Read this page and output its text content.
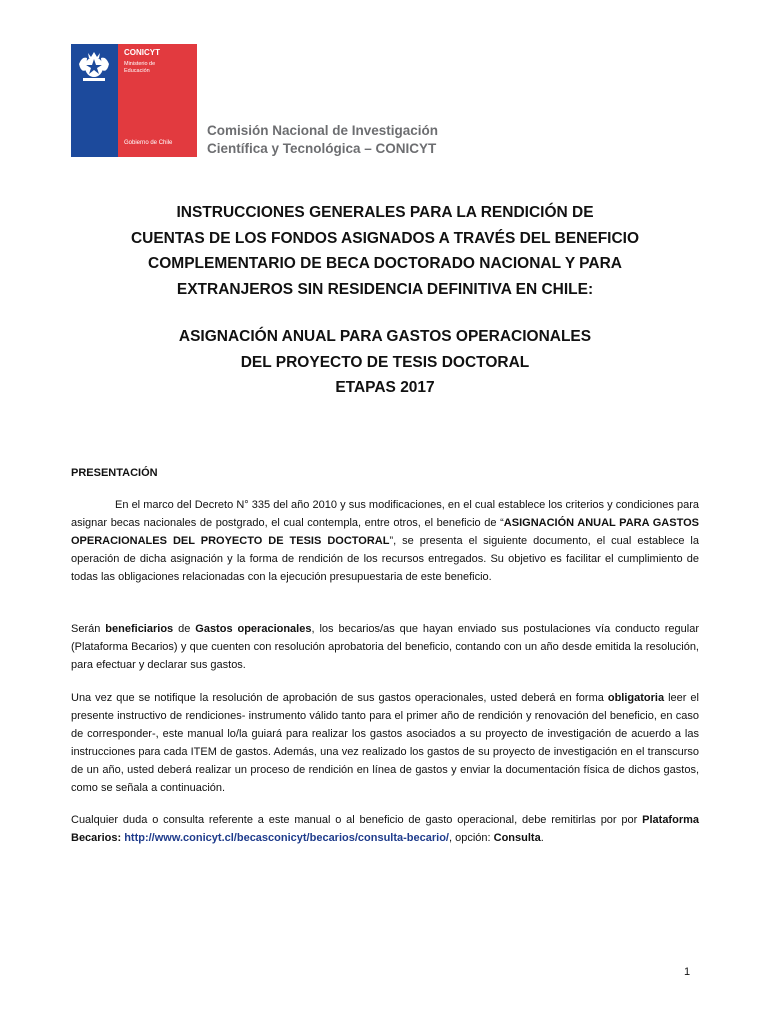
CONICYT
Ministerio de
Educación
Gobierno de Chile
Comisión Nacional de Investigación
Científica y Tecnológica – CONICYT
INSTRUCCIONES GENERALES PARA LA RENDICIÓN DE
CUENTAS DE LOS FONDOS ASIGNADOS A TRAVÉS DEL BENEFICIO
COMPLEMENTARIO DE BECA DOCTORADO NACIONAL Y PARA
EXTRANJEROS SIN RESIDENCIA DEFINITIVA EN CHILE:
ASIGNACIÓN ANUAL PARA GASTOS OPERACIONALES
DEL PROYECTO DE TESIS DOCTORAL
ETAPAS 2017
PRESENTACIÓN
En el marco del Decreto N° 335 del año 2010 y sus modificaciones, en el cual establece los criterios y condiciones para asignar becas nacionales de postgrado, el cual contempla, entre otros, el beneficio de “ASIGNACIÓN ANUAL PARA GASTOS OPERACIONALES DEL PROYECTO DE TESIS DOCTORAL”, se presenta el siguiente documento, el cual establece la operación de dicha asignación y la forma de rendición de los recursos entregados. Su objetivo es facilitar el cumplimiento de todas las obligaciones relacionadas con la ejecución presupuestaria de este beneficio.
Serán beneficiarios de Gastos operacionales, los becarios/as que hayan enviado sus postulaciones vía conducto regular (Plataforma Becarios) y que cuenten con resolución aprobatoria del beneficio, contando con un año desde emitida la resolución, para efectuar y declarar sus gastos.
Una vez que se notifique la resolución de aprobación de sus gastos operacionales, usted deberá en forma obligatoria leer el presente instructivo de rendiciones- instrumento válido tanto para el primer año de rendición y renovación del beneficio, en caso de corresponder-, este manual lo/la guiará para realizar los gastos asociados a su proyecto de investigación de acuerdo a las instrucciones para cada ITEM de gastos. Además, una vez realizado los gastos de su proyecto de investigación en el transcurso de un año, usted deberá realizar un proceso de rendición en línea de gastos y enviar la documentación física de dichos gastos, como se señala a continuación.
Cualquier duda o consulta referente a este manual o al beneficio de gasto operacional, debe remitirlas por por Plataforma Becarios: http://www.conicyt.cl/becasconicyt/becarios/consulta-becario/, opción: Consulta.
1
